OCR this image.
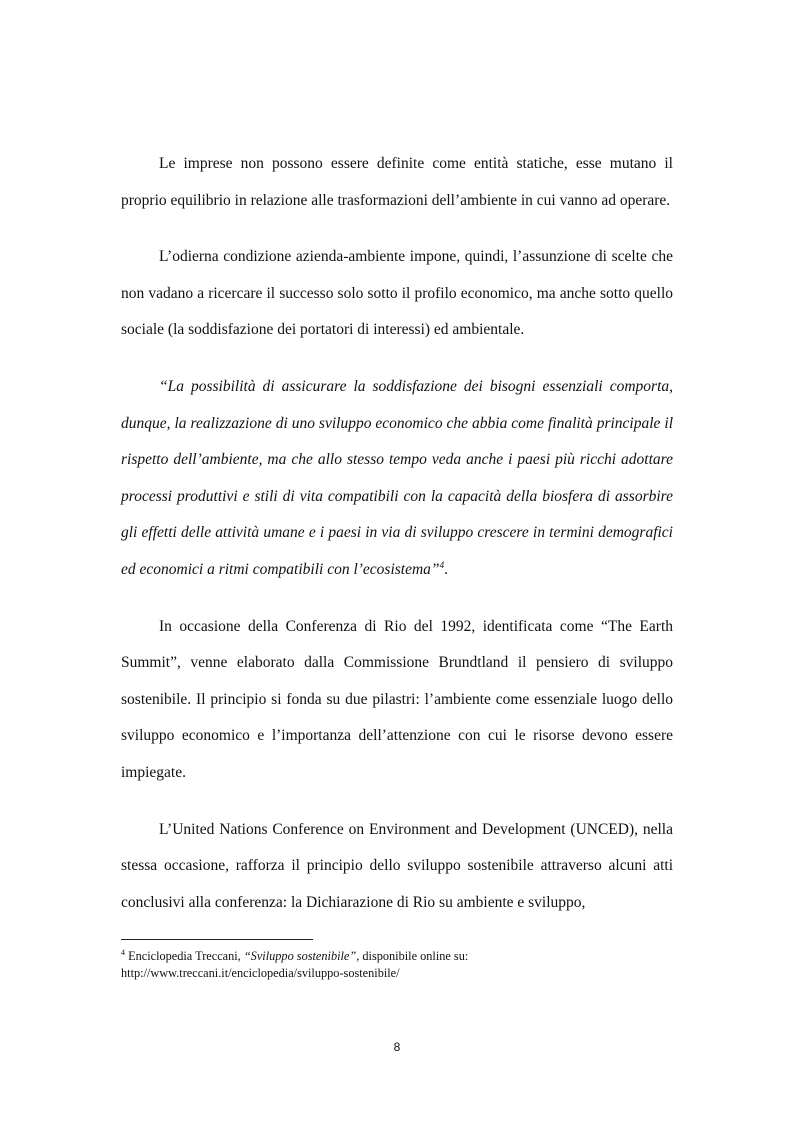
Le imprese non possono essere definite come entità statiche, esse mutano il proprio equilibrio in relazione alle trasformazioni dell’ambiente in cui vanno ad operare.

L’odierna condizione azienda-ambiente impone, quindi, l’assunzione di scelte che non vadano a ricercare il successo solo sotto il profilo economico, ma anche sotto quello sociale (la soddisfazione dei portatori di interessi) ed ambientale.

“La possibilità di assicurare la soddisfazione dei bisogni essenziali comporta, dunque, la realizzazione di uno sviluppo economico che abbia come finalità principale il rispetto dell’ambiente, ma che allo stesso tempo veda anche i paesi più ricchi adottare processi produttivi e stili di vita compatibili con la capacità della biosfera di assorbire gli effetti delle attività umane e i paesi in via di sviluppo crescere in termini demografici ed economici a ritmi compatibili con l’ecosistema”$^4$.

In occasione della Conferenza di Rio del 1992, identificata come “The Earth Summit”, venne elaborato dalla Commissione Brundtland il pensiero di sviluppo sostenibile. Il principio si fonda su due pilastri: l’ambiente come essenziale luogo dello sviluppo economico e l’importanza dell’attenzione con cui le risorse devono essere impiegate.

L’United Nations Conference on Environment and Development (UNCED), nella stessa occasione, rafforza il principio dello sviluppo sostenibile attraverso alcuni atti conclusivi alla conferenza: la Dichiarazione di Rio su ambiente e sviluppo,

$^4$ Enciclopedia Treccani, “Sviluppo sostenibile”, disponibile online su:
http://www.treccani.it/enciclopedia/sviluppo-sostenibile/
8
